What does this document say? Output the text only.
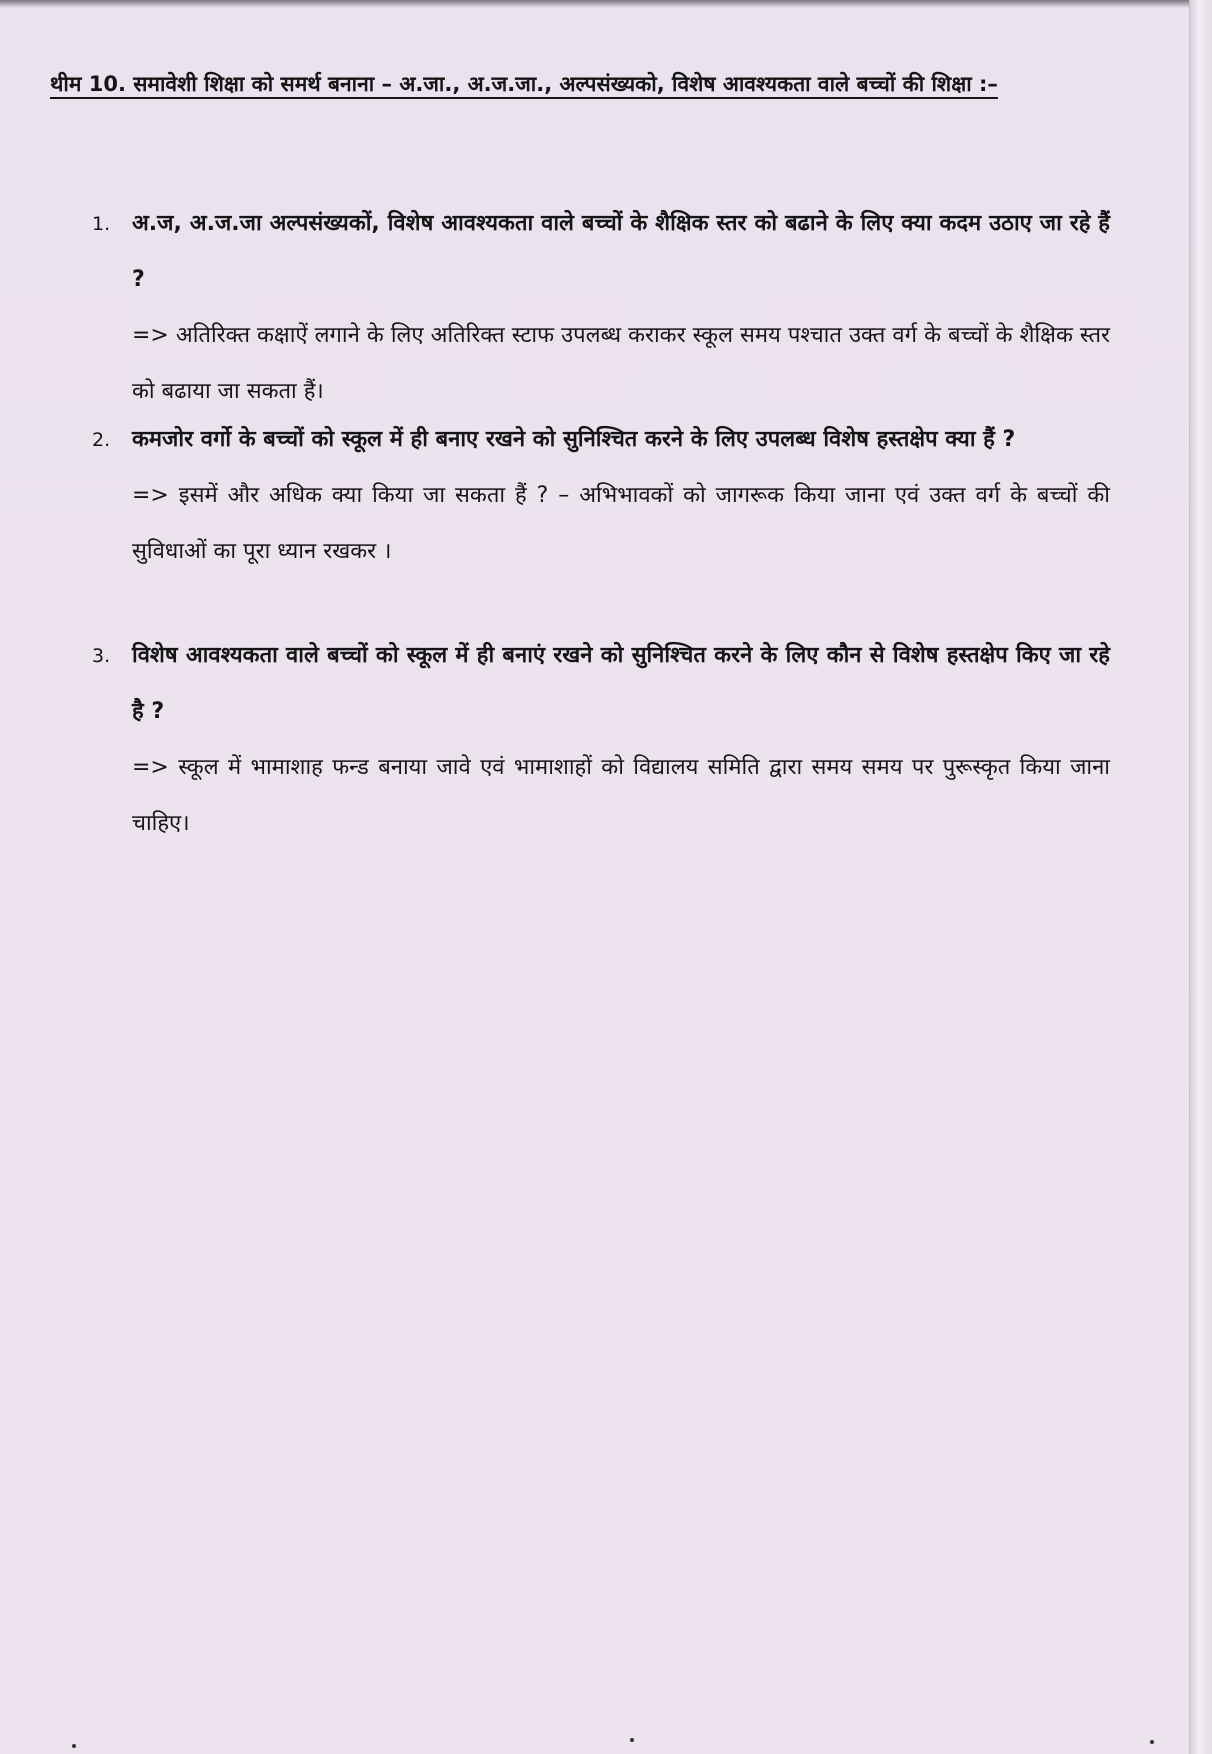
थीम 10. समावेशी शिक्षा को समर्थ बनाना – अ.जा., अ.ज.जा., अल्पसंख्यको, विशेष आवश्यकता वाले बच्चों की शिक्षा :–
1. अ.ज, अ.ज.जा अल्पसंख्यकों, विशेष आवश्यकता वाले बच्चों के शैक्षिक स्तर को बढाने के लिए क्या कदम उठाए जा रहे हैं ?
=> अतिरिक्त कक्षाऐं लगाने के लिए अतिरिक्त स्टाफ उपलब्ध कराकर स्कूल समय पश्चात उक्त वर्ग के बच्चों के शैक्षिक स्तर को बढाया जा सकता हैं।
2. कमजोर वर्गो के बच्चों को स्कूल में ही बनाए रखने को सुनिश्चित करने के लिए उपलब्ध विशेष हस्तक्षेप क्या हैं ?
=> इसमें और अधिक क्या किया जा सकता हैं ? – अभिभावकों को जागरूक किया जाना एवं उक्त वर्ग के बच्चों की सुविधाओं का पूरा ध्यान रखकर ।
3. विशेष आवश्यकता वाले बच्चों को स्कूल में ही बनाएं रखने को सुनिश्चित करने के लिए कौन से विशेष हस्तक्षेप किए जा रहे है ?
=> स्कूल में भामाशाह फन्ड बनाया जावे एवं भामाशाहों को विद्यालय समिति द्वारा समय समय पर पुरूस्कृत किया जाना चाहिए।
